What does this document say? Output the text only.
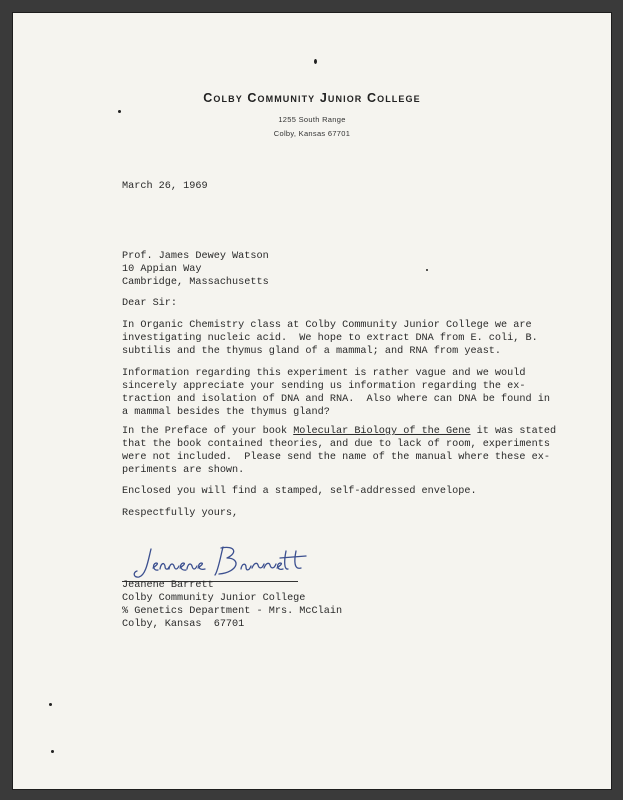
Colby Community Junior College
1255 South Range
Colby, Kansas 67701
March 26, 1969
Prof. James Dewey Watson
10 Appian Way
Cambridge, Massachusetts
Dear Sir:
In Organic Chemistry class at Colby Community Junior College we are
investigating nucleic acid.  We hope to extract DNA from E. coli, B.
subtilis and the thymus gland of a mammal; and RNA from yeast.
Information regarding this experiment is rather vague and we would
sincerely appreciate your sending us information regarding the ex-
traction and isolation of DNA and RNA.  Also where can DNA be found in
a mammal besides the thymus gland?
In the Preface of your book Molecular Biology of the Gene it was stated
that the book contained theories, and due to lack of room, experiments
were not included.  Please send the name of the manual where these ex-
periments are shown.
Enclosed you will find a stamped, self-addressed envelope.
Respectfully yours,
Jeanene Barrett
Colby Community Junior College
% Genetics Department - Mrs. McClain
Colby, Kansas  67701
